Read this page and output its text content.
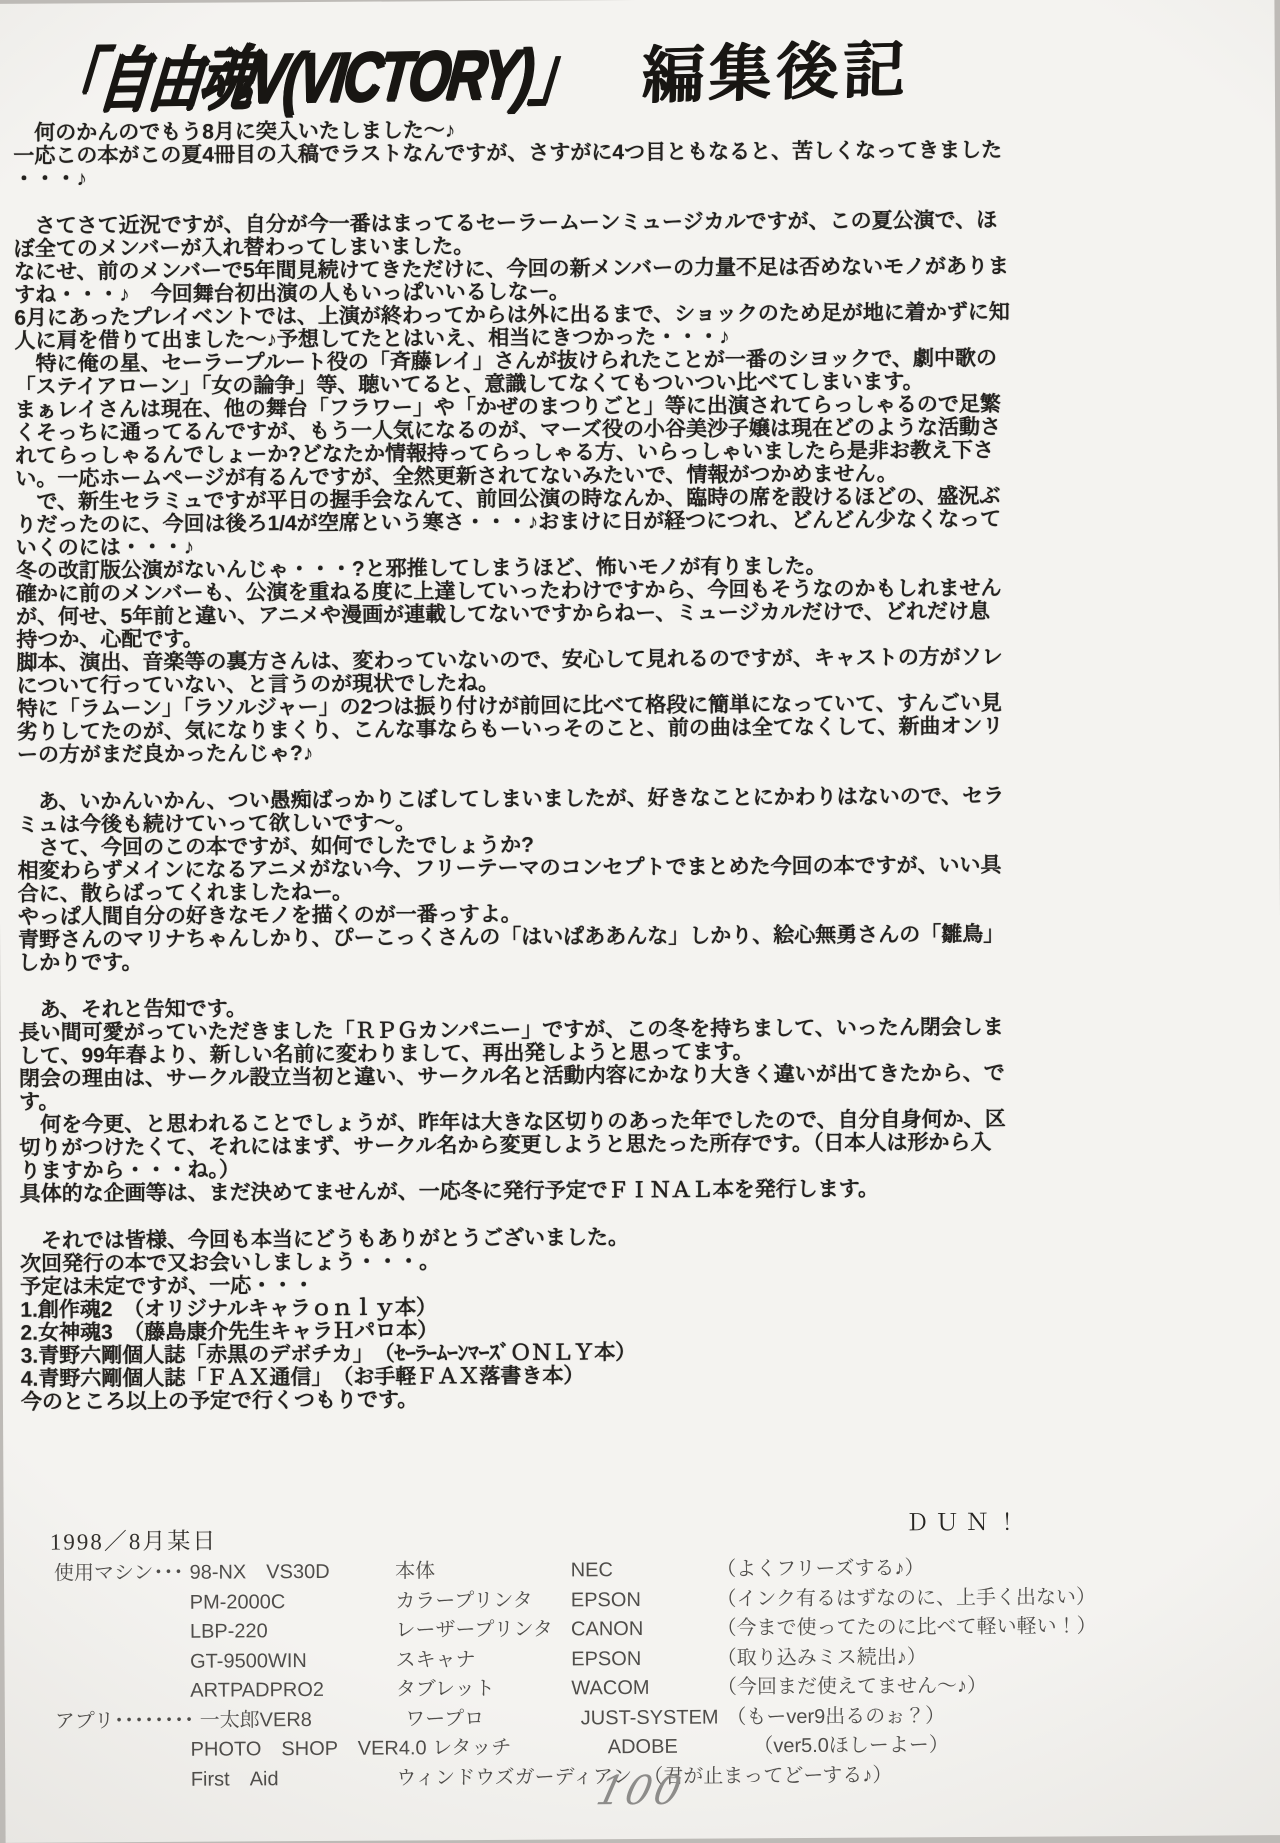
「自由魂V(VICTORY)」 編集後記
　何のかんのでもう8月に突入いたしました～♪
一応この本がこの夏4冊目の入稿でラストなんですが、さすがに4つ目ともなると、苦しくなってきました
・・・♪
　さてさて近況ですが、自分が今一番はまってるセーラームーンミュージカルですが、この夏公演で、ほ
ぼ全てのメンバーが入れ替わってしまいました。
なにせ、前のメンバーで5年間見続けてきただけに、今回の新メンバーの力量不足は否めないモノがありま
すね・・・♪　今回舞台初出演の人もいっぱいいるしなー。
6月にあったプレイベントでは、上演が終わってからは外に出るまで、ショックのため足が地に着かずに知
人に肩を借りて出ました～♪予想してたとはいえ、相当にきつかった・・・♪
　特に俺の星、セーラープルート役の「斉藤レイ」さんが抜けられたことが一番のシヨックで、劇中歌の
「ステイアローン」「女の論争」等、聴いてると、意識してなくてもついつい比べてしまいます。
まぁレイさんは現在、他の舞台「フラワー」や「かぜのまつりごと」等に出演されてらっしゃるので足繁
くそっちに通ってるんですが、もう一人気になるのが、マーズ役の小谷美沙子嬢は現在どのような活動さ
れてらっしゃるんでしょーか?どなたか情報持ってらっしゃる方、いらっしゃいましたら是非お教え下さ
い。一応ホームページが有るんですが、全然更新されてないみたいで、情報がつかめません。
　で、新生セラミュですが平日の握手会なんて、前回公演の時なんか、臨時の席を設けるほどの、盛況ぶ
りだったのに、今回は後ろ1/4が空席という寒さ・・・♪おまけに日が経つにつれ、どんどん少なくなって
いくのには・・・♪
冬の改訂版公演がないんじゃ・・・?と邪推してしまうほど、怖いモノが有りました。
確かに前のメンバーも、公演を重ねる度に上達していったわけですから、今回もそうなのかもしれません
が、何せ、5年前と違い、アニメや漫画が連載してないですからねー、ミュージカルだけで、どれだけ息
持つか、心配です。
脚本、演出、音楽等の裏方さんは、変わっていないので、安心して見れるのですが、キャストの方がソレ
について行っていない、と言うのが現状でしたね。
特に「ラムーン」「ラソルジャー」の2つは振り付けが前回に比べて格段に簡単になっていて、すんごい見
劣りしてたのが、気になりまくり、こんな事ならもーいっそのこと、前の曲は全てなくして、新曲オンリ
ーの方がまだ良かったんじゃ?♪
　あ、いかんいかん、つい愚痴ばっかりこぼしてしまいましたが、好きなことにかわりはないので、セラ
ミュは今後も続けていって欲しいです～。
　さて、今回のこの本ですが、如何でしたでしょうか?
相変わらずメインになるアニメがない今、フリーテーマのコンセプトでまとめた今回の本ですが、いい具
合に、散らばってくれましたねー。
やっぱ人間自分の好きなモノを描くのが一番っすよ。
青野さんのマリナちゃんしかり、ぴーこっくさんの「はいぱああんな」しかり、絵心無勇さんの「雛鳥」
しかりです。
　あ、それと告知です。
長い間可愛がっていただきました「ＲＰＧカンパニー」ですが、この冬を持ちまして、いったん閉会しま
して、99年春より、新しい名前に変わりまして、再出発しようと思ってます。
閉会の理由は、サークル設立当初と違い、サークル名と活動内容にかなり大きく違いが出てきたから、で
す。
　何を今更、と思われることでしょうが、昨年は大きな区切りのあった年でしたので、自分自身何か、区
切りがつけたくて、それにはまず、サークル名から変更しようと思たった所存です。（日本人は形から入
りますから・・・ね。）
具体的な企画等は、まだ決めてませんが、一応冬に発行予定でＦＩＮＡＬ本を発行します。
　それでは皆様、今回も本当にどうもありがとうございました。
次回発行の本で又お会いしましょう・・・。
予定は未定ですが、一応・・・
1.創作魂2　（オリジナルキャラｏｎｌｙ本）
2.女神魂3　（藤島康介先生キャラＨパロ本）
3.青野六剛個人誌「赤黒のデボチカ」　（ｾｰﾗｰﾑｰﾝﾏｰｽﾞＯＮＬＹ本）
4.青野六剛個人誌「ＦＡＸ通信」　（お手軽ＦＡＸ落書き本）
今のところ以上の予定で行くつもりです。
1998／8月某日
ＤＵＮ！
使用マシン･･･ 98-NX　VS30D	本体	NEC	（よくフリーズする♪）
PM-2000C	カラープリンタ EPSON	（インク有るはずなのに、上手く出ない）
LBP-220	レーザープリンタ CANON	（今まで使ってたのに比べて軽い軽い！）
GT-9500WIN	スキャナ	EPSON	（取り込みミス続出♪）
ARTPADPRO2	タブレット	WACOM	（今回まだ使えてません～♪）
アプリ････････ 一太郎VER8	ワープロ	JUST-SYSTEM （もーver9出るのぉ？）
PHOTO　SHOP　VER4.0 レタッチ	ADOBE	（ver5.0ほしーよー）
First　Aid	ウィンドウズガーディアン （君が止まってどーする♪）
100
